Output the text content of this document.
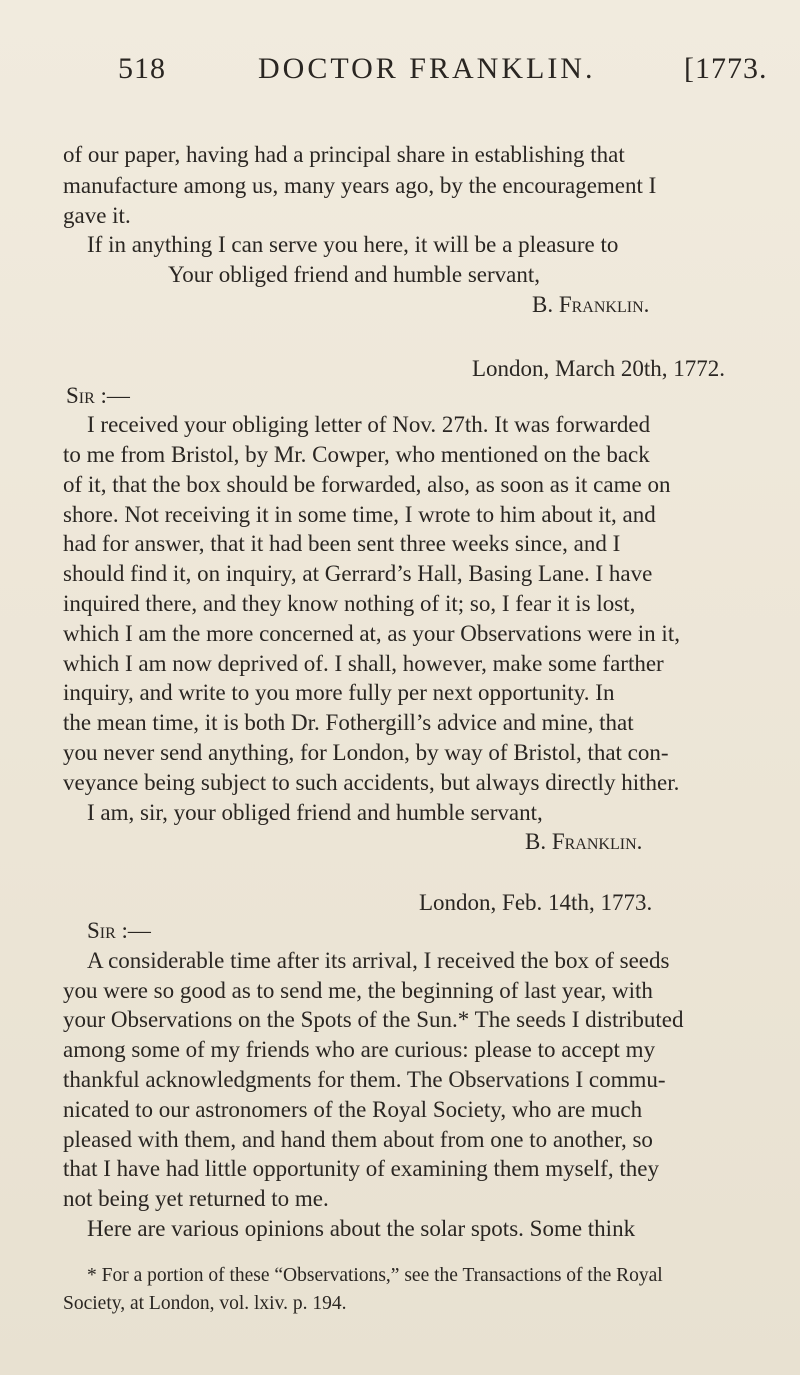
518	DOCTOR FRANKLIN.	[1773.
of our paper, having had a principal share in establishing that
manufacture among us, many years ago, by the encouragement I
gave it.
If in anything I can serve you here, it will be a pleasure to
Your obliged friend and humble servant,
B. Franklin.
London, March 20th, 1772.
Sir :—
I received your obliging letter of Nov. 27th. It was forwarded
to me from Bristol, by Mr. Cowper, who mentioned on the back
of it, that the box should be forwarded, also, as soon as it came on
shore. Not receiving it in some time, I wrote to him about it, and
had for answer, that it had been sent three weeks since, and I
should find it, on inquiry, at Gerrard’s Hall, Basing Lane. I have
inquired there, and they know nothing of it; so, I fear it is lost,
which I am the more concerned at, as your Observations were in it,
which I am now deprived of. I shall, however, make some farther
inquiry, and write to you more fully per next opportunity. In
the mean time, it is both Dr. Fothergill’s advice and mine, that
you never send anything, for London, by way of Bristol, that con-
veyance being subject to such accidents, but always directly hither.
I am, sir, your obliged friend and humble servant,
B. Franklin.
London, Feb. 14th, 1773.
Sir :—
A considerable time after its arrival, I received the box of seeds
you were so good as to send me, the beginning of last year, with
your Observations on the Spots of the Sun.* The seeds I distributed
among some of my friends who are curious: please to accept my
thankful acknowledgments for them. The Observations I commu-
nicated to our astronomers of the Royal Society, who are much
pleased with them, and hand them about from one to another, so
that I have had little opportunity of examining them myself, they
not being yet returned to me.
Here are various opinions about the solar spots. Some think
* For a portion of these “Observations,” see the Transactions of the Royal
Society, at London, vol. lxiv. p. 194.
